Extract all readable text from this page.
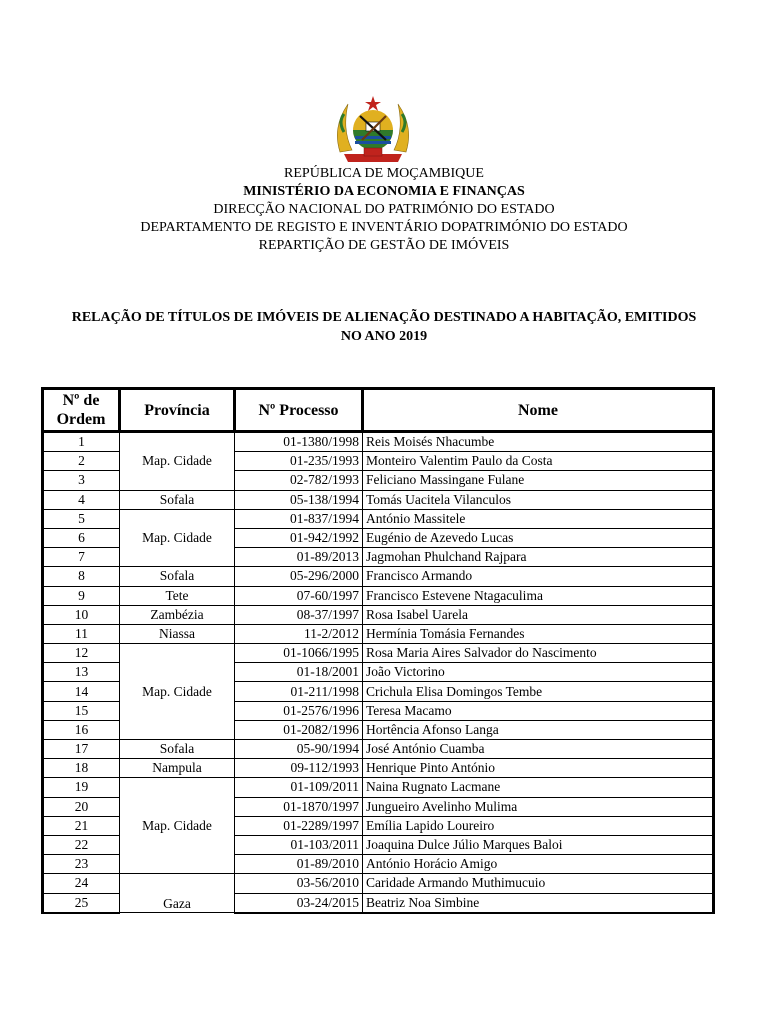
REPÚBLICA DE MOÇAMBIQUE
MINISTÉRIO DA ECONOMIA E FINANÇAS
DIRECÇÃO NACIONAL DO PATRIMÓNIO DO ESTADO
DEPARTAMENTO DE REGISTO E INVENTÁRIO DOPATRIMÓNIO DO ESTADO
REPARTIÇÃO DE GESTÃO DE IMÓVEIS
RELAÇÃO DE TÍTULOS DE IMÓVEIS DE ALIENAÇÃO DESTINADO A HABITAÇÃO, EMITIDOS
NO ANO 2019
Nº de
Ordem	Província	Nº Processo	Nome
1	Map. Cidade	01-1380/1998	Reis Moisés Nhacumbe
2		01-235/1993	Monteiro Valentim Paulo da Costa
3		02-782/1993	Feliciano Massingane Fulane
4	Sofala	05-138/1994	Tomás Uacitela Vilanculos
5	Map. Cidade	01-837/1994	António Massitele
6		01-942/1992	Eugénio de Azevedo Lucas
7		01-89/2013	Jagmohan Phulchand Rajpara
8	Sofala	05-296/2000	Francisco Armando
9	Tete	07-60/1997	Francisco Estevene Ntagaculima
10	Zambézia	08-37/1997	Rosa Isabel Uarela
11	Niassa	11-2/2012	Hermínia Tomásia Fernandes
12	Map. Cidade	01-1066/1995	Rosa Maria Aires Salvador do Nascimento
13		01-18/2001	João Victorino
14		01-211/1998	Crichula Elisa Domingos Tembe
15		01-2576/1996	Teresa Macamo
16		01-2082/1996	Hortência Afonso Langa
17	Sofala	05-90/1994	José António Cuamba
18	Nampula	09-112/1993	Henrique Pinto António
19	Map. Cidade	01-109/2011	Naina Rugnato Lacmane
20		01-1870/1997	Jungueiro Avelinho Mulima
21		01-2289/1997	Emília Lapido Loureiro
22		01-103/2011	Joaquina Dulce Júlio Marques Baloi
23		01-89/2010	António Horácio Amigo
24	Gaza	03-56/2010	Caridade Armando Muthimucuio
25		03-24/2015	Beatriz Noa Simbine
